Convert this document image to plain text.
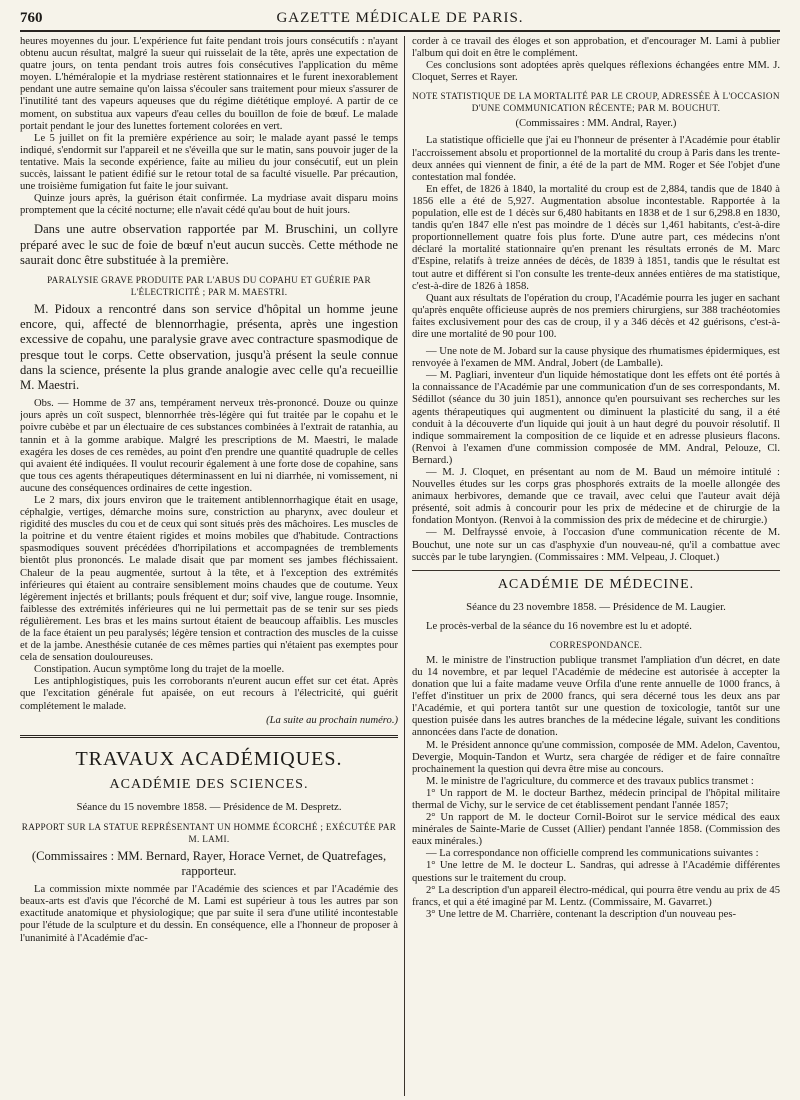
760	GAZETTE MÉDICALE DE PARIS.

heures moyennes du jour. L'expérience fut faite pendant trois jours consécutifs : n'ayant obtenu aucun résultat, malgré la sueur qui ruisselait de la tête, après une expectation de quatre jours, on tenta pendant trois autres fois consécutives l'application du même moyen. L'héméralopie et la mydriase restèrent stationnaires et le furent inexorablement pendant une autre semaine qu'on laissa s'écouler sans traitement pour mieux s'assurer de l'inutilité tant des vapeurs aqueuses que du régime diététique employé. A partir de ce moment, on substitua aux vapeurs d'eau celles du bouillon de foie de bœuf. Le malade portait pendant le jour des lunettes fortement colorées en vert.

Le 5 juillet on fit la première expérience au soir; le malade ayant passé le temps indiqué, s'endormit sur l'appareil et ne s'éveilla que sur le matin, sans pouvoir juger de la tentative. Mais la seconde expérience, faite au milieu du jour consécutif, eut un plein succès, laissant le patient édifié sur le retour total de sa faculté visuelle. Par précaution, une troisième fumigation fut faite le jour suivant.

Quinze jours après, la guérison était confirmée. La mydriase avait disparu moins promptement que la cécité nocturne; elle n'avait cédé qu'au bout de huit jours.

Dans une autre observation rapportée par M. Bruschini, un collyre préparé avec le suc de foie de bœuf n'eut aucun succès. Cette méthode ne saurait donc être substituée à la première.

PARALYSIE GRAVE PRODUITE PAR L'ABUS DU COPAHU ET GUÉRIE PAR L'ÉLECTRICITÉ ; PAR M. MAESTRI.

M. Pidoux a rencontré dans son service d'hôpital un homme jeune encore, qui, affecté de blennorrhagie, présenta, après une ingestion excessive de copahu, une paralysie grave avec contracture spasmodique de presque tout le corps. Cette observation, jusqu'à présent la seule connue dans la science, présente la plus grande analogie avec celle qu'a recueillie M. Maestri.

Obs. — Homme de 37 ans, tempérament nerveux très-prononcé. Douze ou quinze jours après un coït suspect, blennorrhée très-légère qui fut traitée par le copahu et le poivre cubèbe et par un électuaire de ces substances combinées à l'extrait de ratanhia, au tannin et à la gomme arabique. Malgré les prescriptions de M. Maestri, le malade exagéra les doses de ces remèdes, au point d'en prendre une quantité quadruple de celles qui avaient été indiquées. Il voulut recourir également à une forte dose de copahine, sans que tous ces agents thérapeutiques déterminassent en lui ni diarrhée, ni vomissement, ni aucune des conséquences ordinaires de cette ingestion.

Le 2 mars, dix jours environ que le traitement antiblennorrhagique était en usage, céphalgie, vertiges, démarche moins sure, constriction au pharynx, avec douleur et rigidité des muscles du cou et de ceux qui sont situés près des mâchoires. Les muscles de la poitrine et du ventre étaient rigides et moins mobiles que d'habitude. Contractions spasmodiques souvent précédées d'horripilations et accompagnées de tremblements bientôt plus prononcés. Le malade disait que par moment ses jambes fléchissaient. Chaleur de la peau augmentée, surtout à la tête, et à l'exception des extrémités inférieures qui étaient au contraire sensiblement moins chaudes que de coutume. Yeux légèrement injectés et brillants; pouls fréquent et dur; soif vive, langue rouge. Insomnie, faiblesse des extrémités inférieures qui ne lui permettait pas de se tenir sur ses pieds régulièrement. Les bras et les mains surtout étaient de beaucoup affaiblis. Les muscles de la face étaient un peu paralysés; légère tension et contraction des muscles de la cuisse et de la jambe. Anesthésie cutanée de ces mêmes parties qui n'étaient pas exemptes pour cela de sensation douloureuses.

Constipation. Aucun symptôme long du trajet de la moelle.

Les antiphlogistiques, puis les corroborants n'eurent aucun effet sur cet état. Après que l'excitation générale fut apaisée, on eut recours à l'électricité, qui guérit complétement le malade.

(La suite au prochain numéro.)

TRAVAUX ACADÉMIQUES.
ACADÉMIE DES SCIENCES.
Séance du 15 novembre 1858. — Présidence de M. Despretz.
RAPPORT SUR LA STATUE REPRÉSENTANT UN HOMME ÉCORCHÉ ; EXÉCUTÉE PAR M. LAMI.

(Commissaires : MM. Bernard, Rayer, Horace Vernet, de Quatrefages, rapporteur.

La commission mixte nommée par l'Académie des sciences et par l'Académie des beaux-arts est d'avis que l'écorché de M. Lami est supérieur à tous les autres par son exactitude anatomique et physiologique; que par suite il sera d'une utilité incontestable pour l'étude de la sculpture et du dessin. En conséquence, elle a l'honneur de proposer à l'unanimité à l'Académie d'ac-

corder à ce travail des éloges et son approbation, et d'encourager M. Lami à publier l'album qui doit en être le complément.

Ces conclusions sont adoptées après quelques réflexions échangées entre MM. J. Cloquet, Serres et Rayer.

NOTE STATISTIQUE DE LA MORTALITÉ PAR LE CROUP, ADRESSÉE À L'OCCASION D'UNE COMMUNICATION RÉCENTE; PAR M. BOUCHUT.

(Commissaires : MM. Andral, Rayer.)

La statistique officielle que j'ai eu l'honneur de présenter à l'Académie pour établir l'accroissement absolu et proportionnel de la mortalité du croup à Paris dans les trente-deux années qui viennent de finir, a été de la part de MM. Roger et Sée l'objet d'une contestation mal fondée.

En effet, de 1826 à 1840, la mortalité du croup est de 2,884, tandis que de 1840 à 1856 elle a été de 5,927. Augmentation absolue incontestable. Rapportée à la population, elle est de 1 décès sur 6,480 habitants en 1838 et de 1 sur 6,298.8 en 1830, tandis qu'en 1847 elle n'est pas moindre de 1 décès sur 1,461 habitants, c'est-à-dire proportionnellement quatre fois plus forte. D'une autre part, ces médecins n'ont déclaré la mortalité stationnaire qu'en prenant les résultats erronés de M. Marc d'Espine, relatifs à treize années de décès, de 1839 à 1851, tandis que le résultat est tout autre et différent si l'on consulte les trente-deux années entières de ma statistique, c'est-à-dire de 1826 à 1858.

Quant aux résultats de l'opération du croup, l'Académie pourra les juger en sachant qu'après enquête officieuse auprès de nos premiers chirurgiens, sur 388 trachéotomies faites exclusivement pour des cas de croup, il y a 346 décès et 42 guérisons, c'est-à-dire une mortalité de 90 pour 100.

— Une note de M. Jobard sur la cause physique des rhumatismes épidermiques, est renvoyée à l'examen de MM. Andral, Jobert (de Lamballe).

— M. Pagliari, inventeur d'un liquide hémostatique dont les effets ont été portés à la connaissance de l'Académie par une communication d'un de ses correspondants, M. Sédillot (séance du 30 juin 1851), annonce qu'en poursuivant ses recherches sur les agents thérapeutiques qui augmentent ou diminuent la plasticité du sang, il a été conduit à la découverte d'un liquide qui jouit à un haut degré du pouvoir résolutif. Il indique sommairement la composition de ce liquide et en adresse plusieurs flacons. (Renvoi à l'examen d'une commission composée de MM. Andral, Pelouze, Cl. Bernard.)

— M. J. Cloquet, en présentant au nom de M. Baud un mémoire intitulé : Nouvelles études sur les corps gras phosphorés extraits de la moelle allongée des animaux herbivores, demande que ce travail, avec celui que l'auteur avait déjà présenté, soit admis à concourir pour les prix de médecine et de chirurgie de la fondation Montyon. (Renvoi à la commission des prix de médecine et de chirurgie.)

— M. Delfrayssé envoie, à l'occasion d'une communication récente de M. Bouchut, une note sur un cas d'asphyxie d'un nouveau-né, qu'il a combattue avec succès par le tube laryngien. (Commissaires : MM. Velpeau, J. Cloquet.)

ACADÉMIE DE MÉDECINE.
Séance du 23 novembre 1858. — Présidence de M. Laugier.

Le procès-verbal de la séance du 16 novembre est lu et adopté.

CORRESPONDANCE.

M. le ministre de l'instruction publique transmet l'ampliation d'un décret, en date du 14 novembre, et par lequel l'Académie de médecine est autorisée à accepter la donation que lui a faite madame veuve Orfila d'une rente annuelle de 1000 francs, à l'effet d'instituer un prix de 2000 francs, qui sera décerné tous les deux ans par l'Académie, et qui portera tantôt sur une question de toxicologie, tantôt sur une question puisée dans les autres branches de la médecine légale, suivant les conditions annoncées dans l'acte de donation.

M. le Président annonce qu'une commission, composée de MM. Adelon, Caventou, Devergie, Moquin-Tandon et Wurtz, sera chargée de rédiger et de faire connaître prochainement la question qui devra être mise au concours.

M. le ministre de l'agriculture, du commerce et des travaux publics transmet :

1° Un rapport de M. le docteur Barthez, médecin principal de l'hôpital militaire thermal de Vichy, sur le service de cet établissement pendant l'année 1857;

2° Un rapport de M. le docteur Cornil-Boirot sur le service médical des eaux minérales de Sainte-Marie de Cusset (Allier) pendant l'année 1858. (Commission des eaux minérales.)

— La correspondance non officielle comprend les communications suivantes :

1° Une lettre de M. le docteur L. Sandras, qui adresse à l'Académie différentes questions sur le traitement du croup.

2° La description d'un appareil électro-médical, qui pourra être vendu au prix de 45 francs, et qui a été imaginé par M. Lentz. (Commissaire, M. Gavarret.)

3° Une lettre de M. Charrière, contenant la description d'un nouveau pes-
